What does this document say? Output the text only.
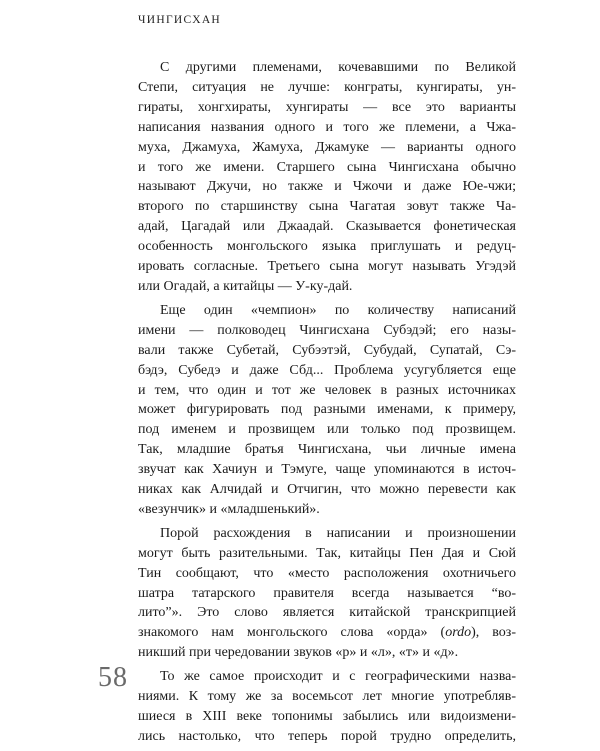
ЧИНГИСХАН

С другими племенами, кочевавшими по Великой
Степи, ситуация не лучше: конграты, кунгираты, ун-
гираты, хонгхираты, хунгираты — все это варианты
написания названия одного и того же племени, а Чжа-
муха, Джамуха, Жамуха, Джамуке — варианты одного
и того же имени. Старшего сына Чингисхана обычно
называют Джучи, но также и Чжочи и даже Юе-чжи;
второго по старшинству сына Чагатая зовут также Ча-
адай, Цагадай или Джаадай. Сказывается фонетическая
особенность монгольского языка приглушать и редуц-
ировать согласные. Третьего сына могут называть Угэдэй
или Огадай, а китайцы — У-ку-дай.

Еще один «чемпион» по количеству написаний
имени — полководец Чингисхана Субэдэй; его назы-
вали также Субетай, Субээтэй, Субудай, Супатай, Сэ-
бэдэ, Субедэ и даже Сбд... Проблема усугубляется еще
и тем, что один и тот же человек в разных источниках
может фигурировать под разными именами, к примеру,
под именем и прозвищем или только под прозвищем.
Так, младшие братья Чингисхана, чьи личные имена
звучат как Хачиун и Тэмуге, чаще упоминаются в источ-
никах как Алчидай и Отчигин, что можно перевести как
«везунчик» и «младшенький».

Порой расхождения в написании и произношении
могут быть разительными. Так, китайцы Пен Дая и Сюй
Тин сообщают, что «место расположения охотничьего
шатра татарского правителя всегда называется “во-
лито”». Это слово является китайской транскрипцией
знакомого нам монгольского слова «орда» (ordo), воз-
никший при чередовании звуков «р» и «л», «т» и «д».

То же самое происходит и с географическими назва-
ниями. К тому же за восемьсот лет многие употребляв-
шиеся в XIII веке топонимы забылись или видоизмени-
лись настолько, что теперь порой трудно определить,

58
